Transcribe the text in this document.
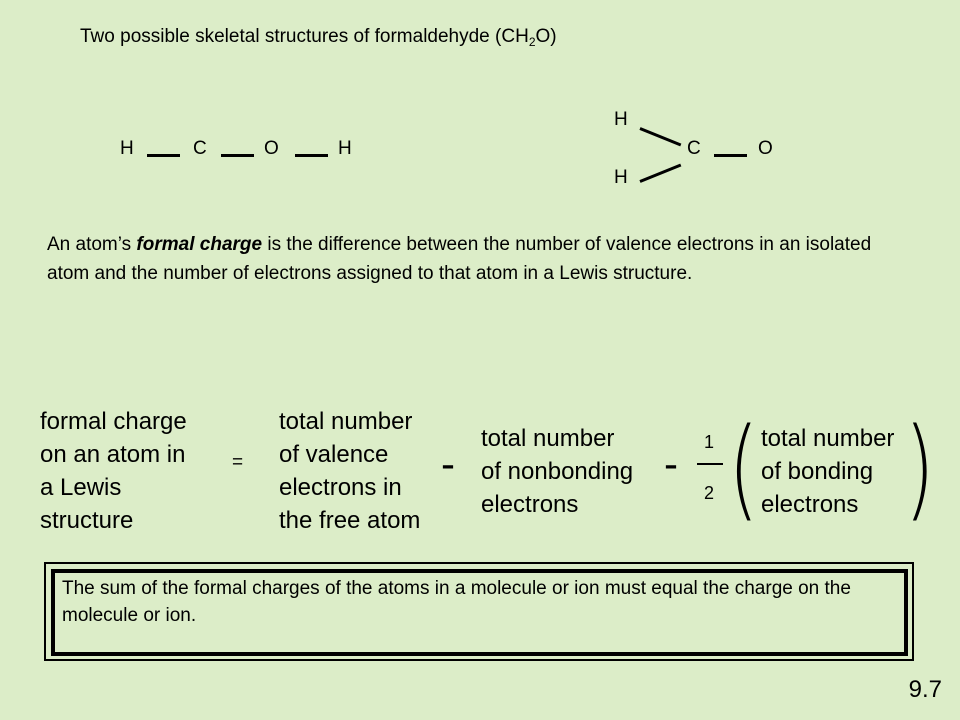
Two possible skeletal structures of formaldehyde $(CH_2O)$
H	C	O	H
H
H
C	O
An atom’s formal charge is the difference between the number of valence electrons in an isolated atom and the number of electrons assigned to that atom in a Lewis structure.
formal charge
on an atom in
a Lewis
structure
=
total number
of valence
electrons in
the free atom
-
total number
of nonbonding
electrons
- 1
2 ( total number
of bonding
electrons )
The sum of the formal charges of the atoms in a molecule or ion must equal the charge on the molecule or ion.
9.7
